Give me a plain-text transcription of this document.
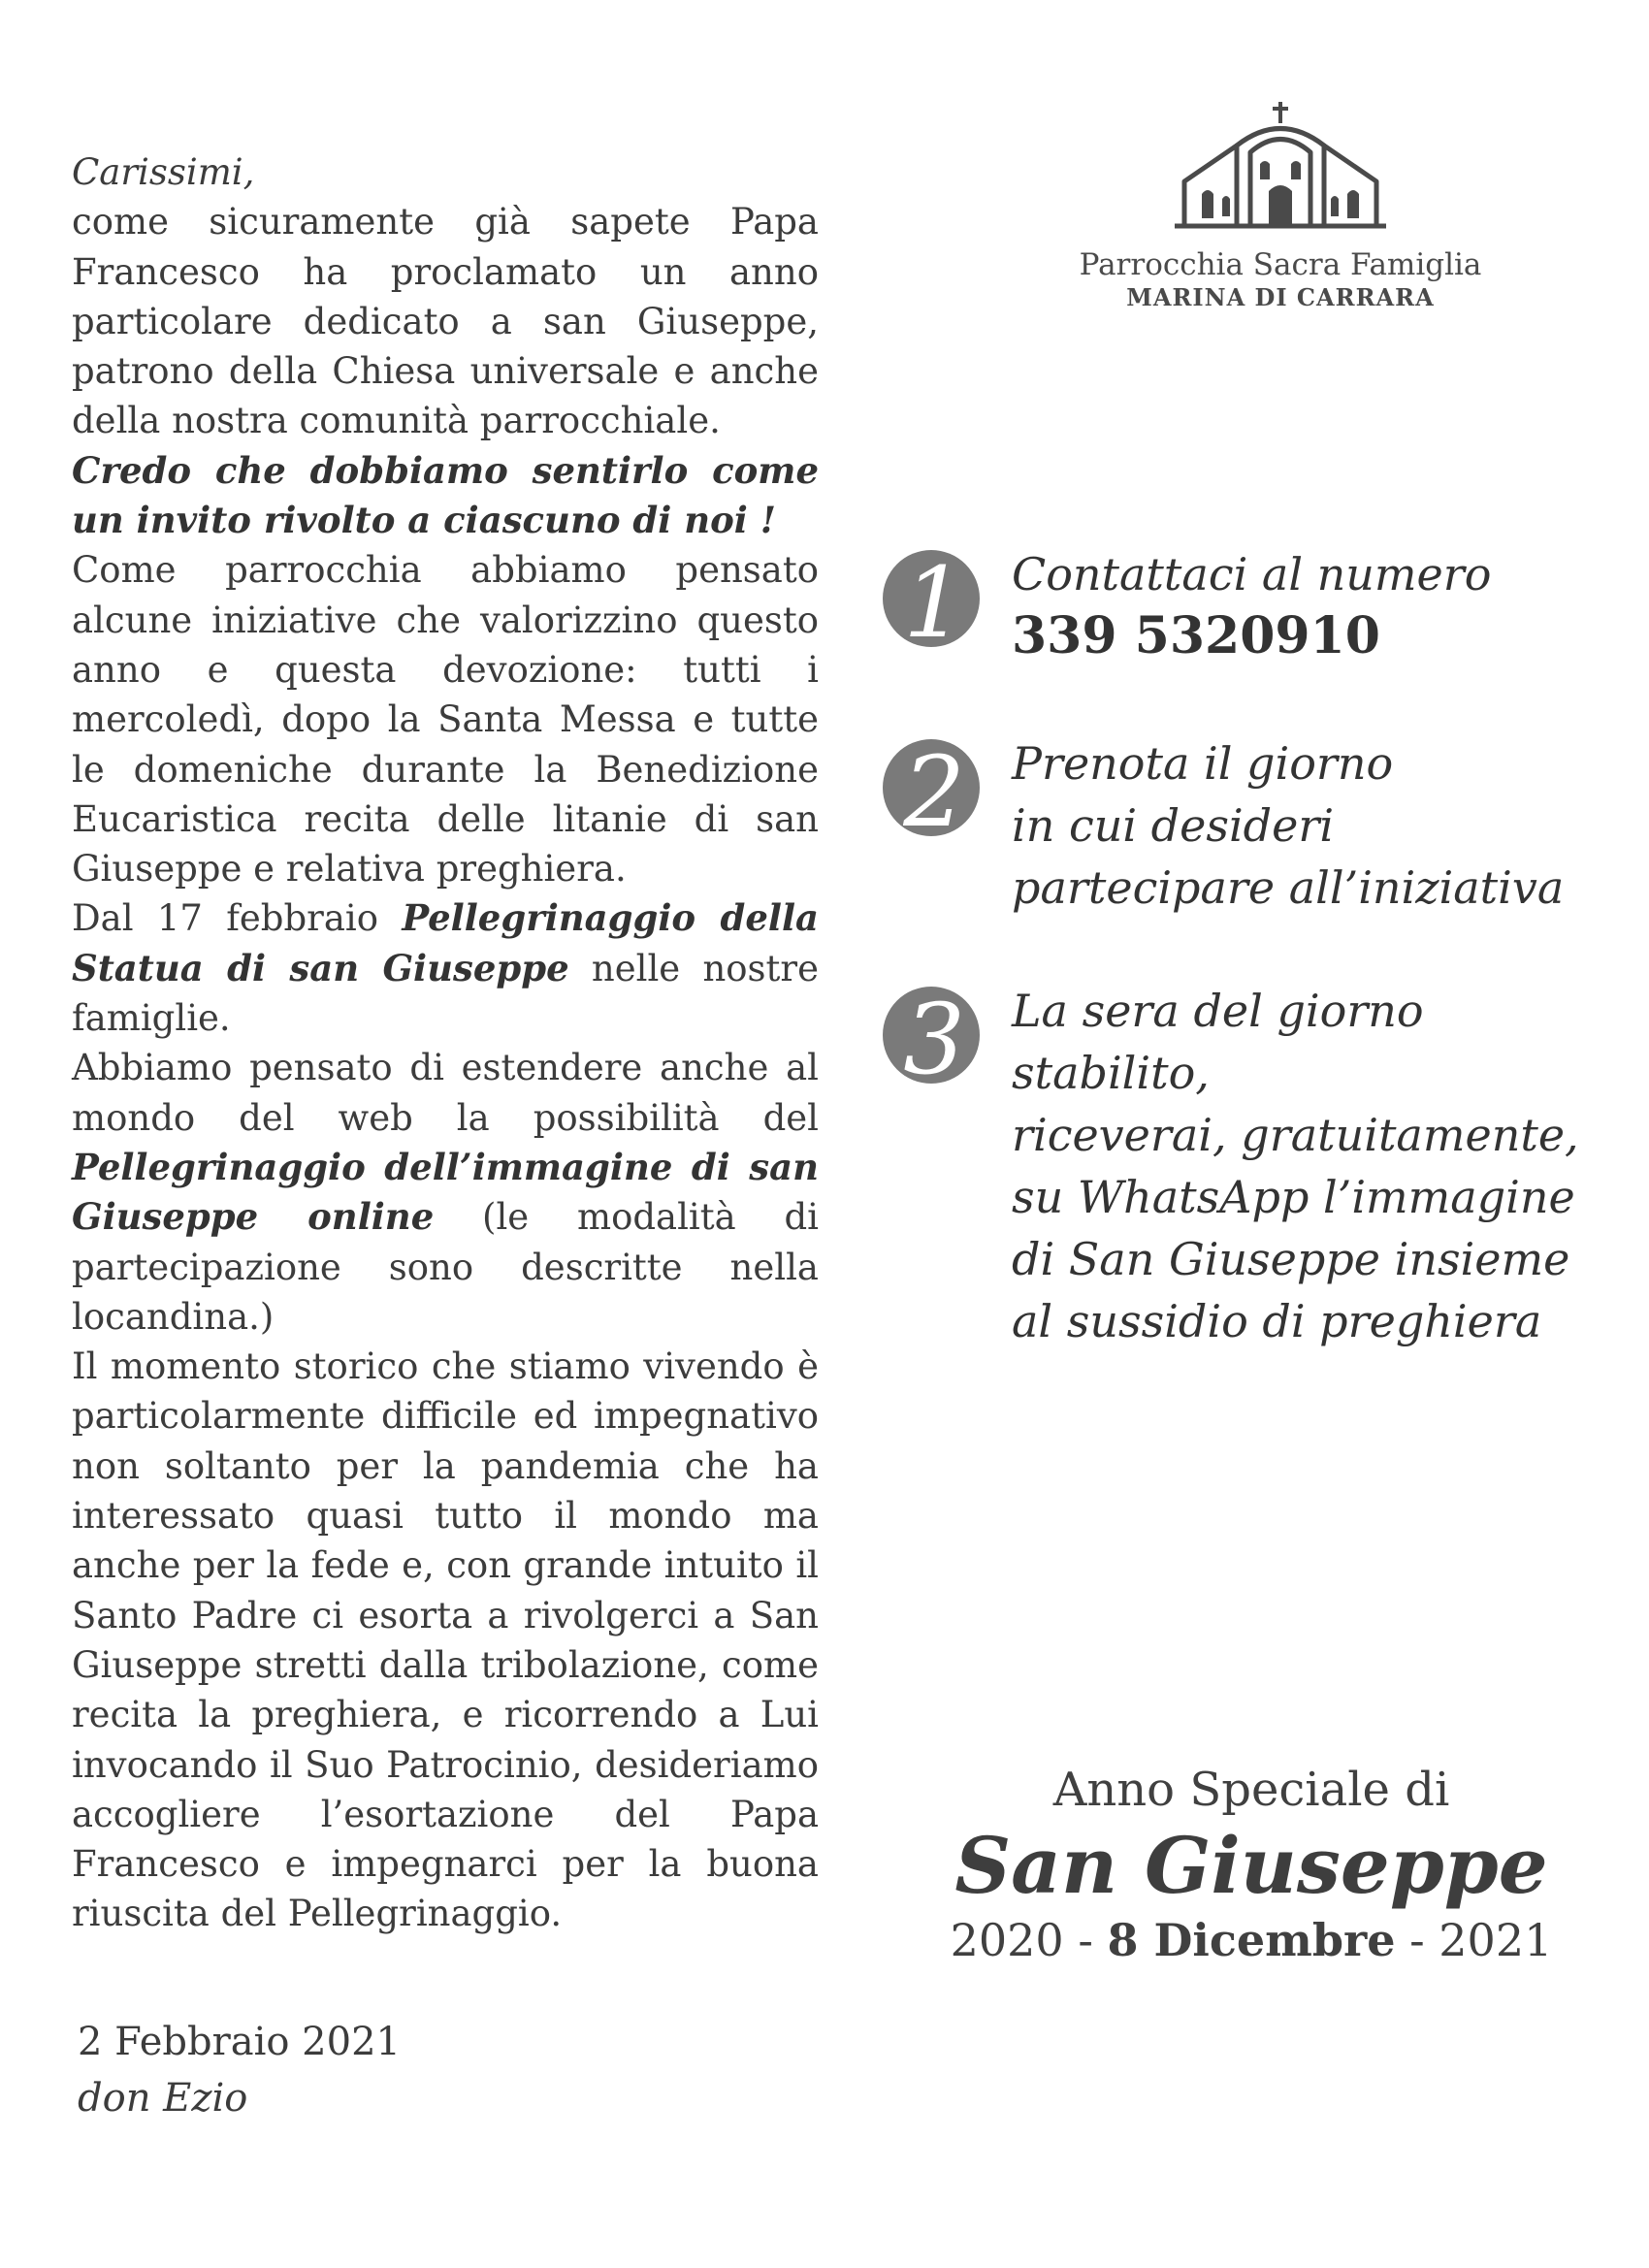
Carissimi,

come sicuramente già sapete Papa Francesco ha proclamato un anno particolare dedicato a san Giuseppe, patrono della Chiesa universale e anche della nostra comunità parrocchiale.

Credo che dobbiamo sentirlo come un invito rivolto a ciascuno di noi !

Come parrocchia abbiamo pensato alcune iniziative che valorizzino questo anno e questa devozione: tutti i mercoledì, dopo la Santa Messa e tutte le domeniche durante la Benedizione Eucaristica recita delle litanie di san Giuseppe e relativa preghiera.

Dal 17 febbraio Pellegrinaggio della Statua di san Giuseppe nelle nostre famiglie.

Abbiamo pensato di estendere anche al mondo del web la possibilità del Pellegrinaggio dell’immagine di san Giuseppe online (le modalità di partecipazione sono descritte nella locandina.)

Il momento storico che stiamo vivendo è particolarmente difficile ed impegnativo non soltanto per la pandemia che ha interessato quasi tutto il mondo ma anche per la fede e, con grande intuito il Santo Padre ci esorta a rivolgerci a San Giuseppe stretti dalla tribolazione, come recita la preghiera, e ricorrendo a Lui invocando il Suo Patrocinio, desideriamo accogliere l’esortazione del Papa Francesco e impegnarci per la buona riuscita del Pellegrinaggio.

2 Febbraio 2021
don Ezio
Parrocchia Sacra Famiglia
MARINA DI CARRARA
1 Contattaci al numero
339 5320910
2 Prenota il giorno
in cui desideri
partecipare all’iniziativa
3 La sera del giorno stabilito,
riceverai, gratuitamente,
su WhatsApp l’immagine
di San Giuseppe insieme
al sussidio di preghiera
Anno Speciale di
San Giuseppe
2020 - 8 Dicembre - 2021
